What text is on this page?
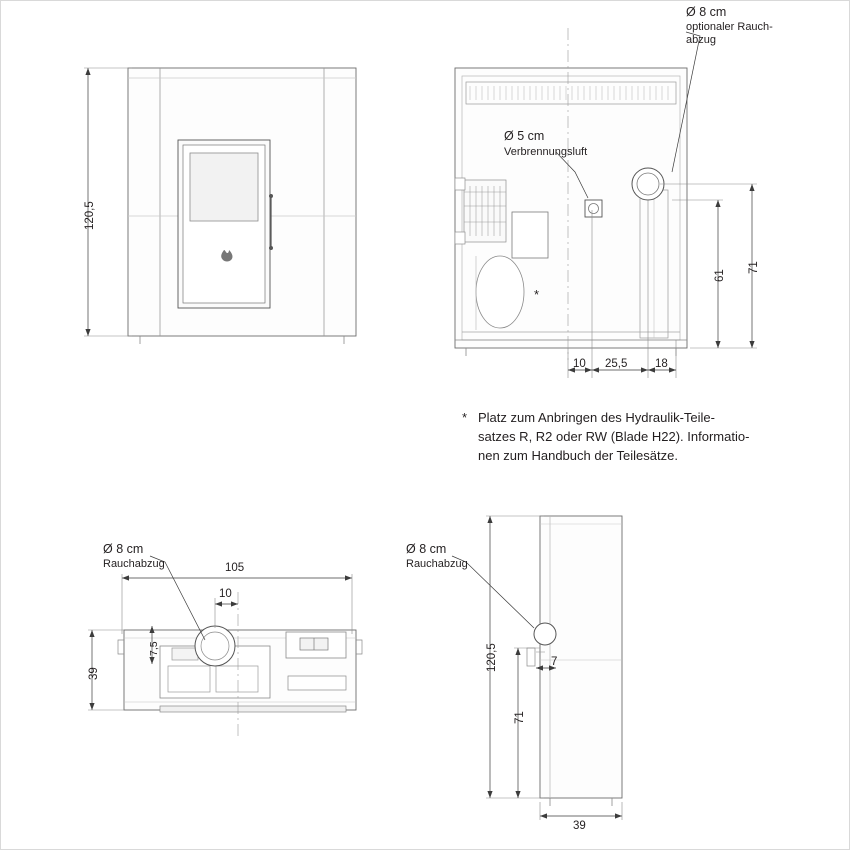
120,5
Ø 8 cm
optionaler Rauch-
abzug
Ø 5 cm
Verbrennungsluft
*
71
61
10 25,5 18
* Platz zum Anbringen des Hydraulik-Teile-
satzes R, R2 oder RW (Blade H22). Informatio-
nen zum Handbuch der Teilesätze.
Ø 8 cm
Rauchabzug	105
10
39
7,5
Ø 8 cm
Rauchabzug
120,5
71
7
39
